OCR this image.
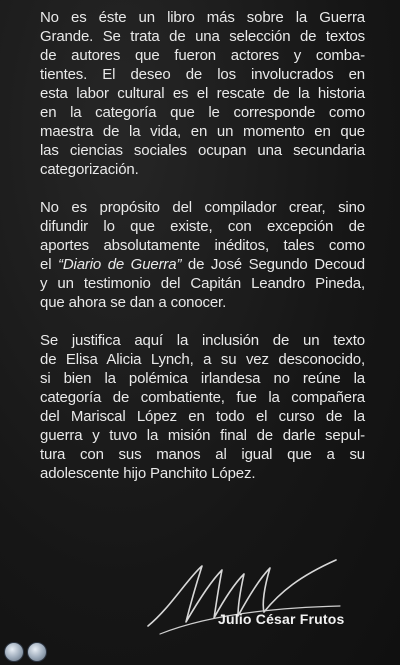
No es éste un libro más sobre la Guerra
Grande. Se trata de una selección de textos
de autores que fueron actores y comba-
tientes. El deseo de los involucrados en
esta labor cultural es el rescate de la historia
en la categoría que le corresponde como
maestra de la vida, en un momento en que
las ciencias sociales ocupan una secundaria
categorización.

No es propósito del compilador crear, sino
difundir lo que existe, con excepción de
aportes absolutamente inéditos, tales como
el “Diario de Guerra” de José Segundo Decoud
y un testimonio del Capitán Leandro Pineda,
que ahora se dan a conocer.

Se justifica aquí la inclusión de un texto
de Elisa Alicia Lynch, a su vez desconocido,
si bien la polémica irlandesa no reúne la
categoría de combatiente, fue la compañera
del Mariscal López en todo el curso de la
guerra y tuvo la misión final de darle sepul-
tura con sus manos al igual que a su
adolescente hijo Panchito López.

Julio César Frutos
